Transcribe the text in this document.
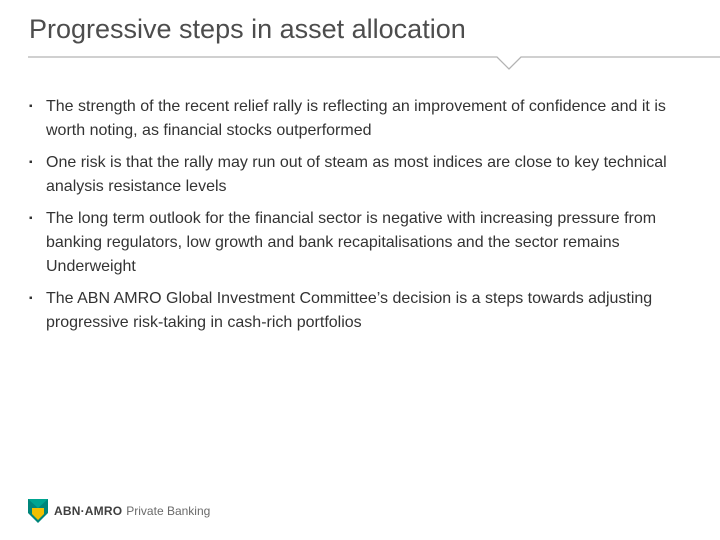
Progressive steps in asset allocation
▪ The strength of the recent relief rally is reflecting an improvement of confidence and it is worth noting, as financial stocks outperformed
▪ One risk is that the rally may run out of steam as most indices are close to key technical analysis resistance levels
▪ The long term outlook for the financial sector is negative with increasing pressure from banking regulators, low growth and bank recapitalisations and the sector remains Underweight
▪ The ABN AMRO Global Investment Committee’s decision is a steps towards adjusting progressive risk-taking in cash-rich portfolios
ABN·AMRO Private Banking
